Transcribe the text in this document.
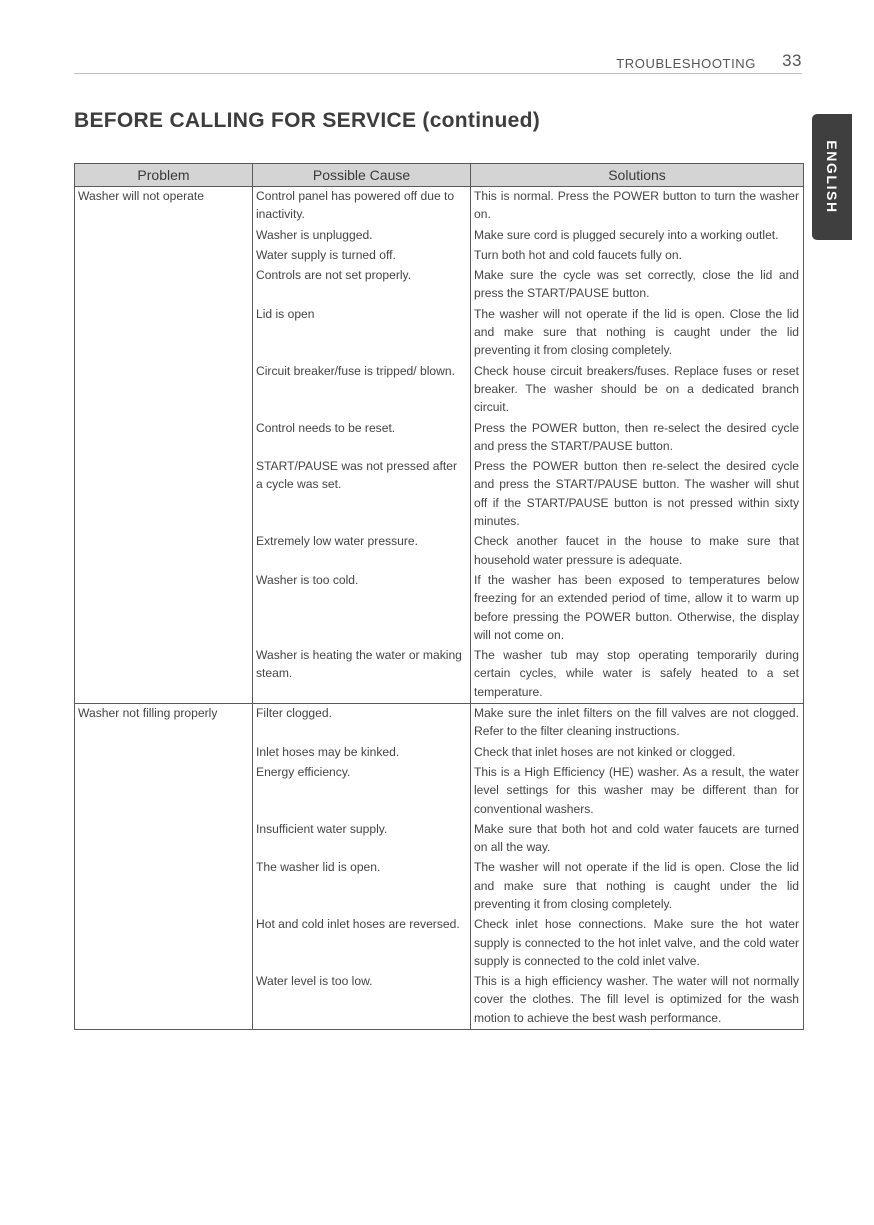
TROUBLESHOOTING 33
BEFORE CALLING FOR SERVICE (continued)
ENGLISH
Problem	Possible Cause	Solutions
Washer will not operate	Control panel has powered off due to inactivity.	This is normal. Press the POWER button to turn the washer on.
	Washer is unplugged.	Make sure cord is plugged securely into a working outlet.
	Water supply is turned off.	Turn both hot and cold faucets fully on.
	Controls are not set properly.	Make sure the cycle was set correctly, close the lid and press the START/PAUSE button.
	Lid is open	The washer will not operate if the lid is open. Close the lid and make sure that nothing is caught under the lid preventing it from closing completely.
	Circuit breaker/fuse is tripped/ blown.	Check house circuit breakers/fuses. Replace fuses or reset breaker. The washer should be on a dedicated branch circuit.
	Control needs to be reset.	Press the POWER button, then re-select the desired cycle and press the START/PAUSE button.
	START/PAUSE was not pressed after a cycle was set.	Press the POWER button then re-select the desired cycle and press the START/PAUSE button. The washer will shut off if the START/PAUSE button is not pressed within sixty minutes.
	Extremely low water pressure.	Check another faucet in the house to make sure that household water pressure is adequate.
	Washer is too cold.	If the washer has been exposed to temperatures below freezing for an extended period of time, allow it to warm up before pressing the POWER button. Otherwise, the display will not come on.
	Washer is heating the water or making steam.	The washer tub may stop operating temporarily during certain cycles, while water is safely heated to a set temperature.
Washer not filling properly	Filter clogged.	Make sure the inlet filters on the fill valves are not clogged. Refer to the filter cleaning instructions.
	Inlet hoses may be kinked.	Check that inlet hoses are not kinked or clogged.
	Energy efficiency.	This is a High Efficiency (HE) washer. As a result, the water level settings for this washer may be different than for conventional washers.
	Insufficient water supply.	Make sure that both hot and cold water faucets are turned on all the way.
	The washer lid is open.	The washer will not operate if the lid is open. Close the lid and make sure that nothing is caught under the lid preventing it from closing completely.
	Hot and cold inlet hoses are reversed.	Check inlet hose connections. Make sure the hot water supply is connected to the hot inlet valve, and the cold water supply is connected to the cold inlet valve.
	Water level is too low.	This is a high efficiency washer. The water will not normally cover the clothes. The fill level is optimized for the wash motion to achieve the best wash performance.
